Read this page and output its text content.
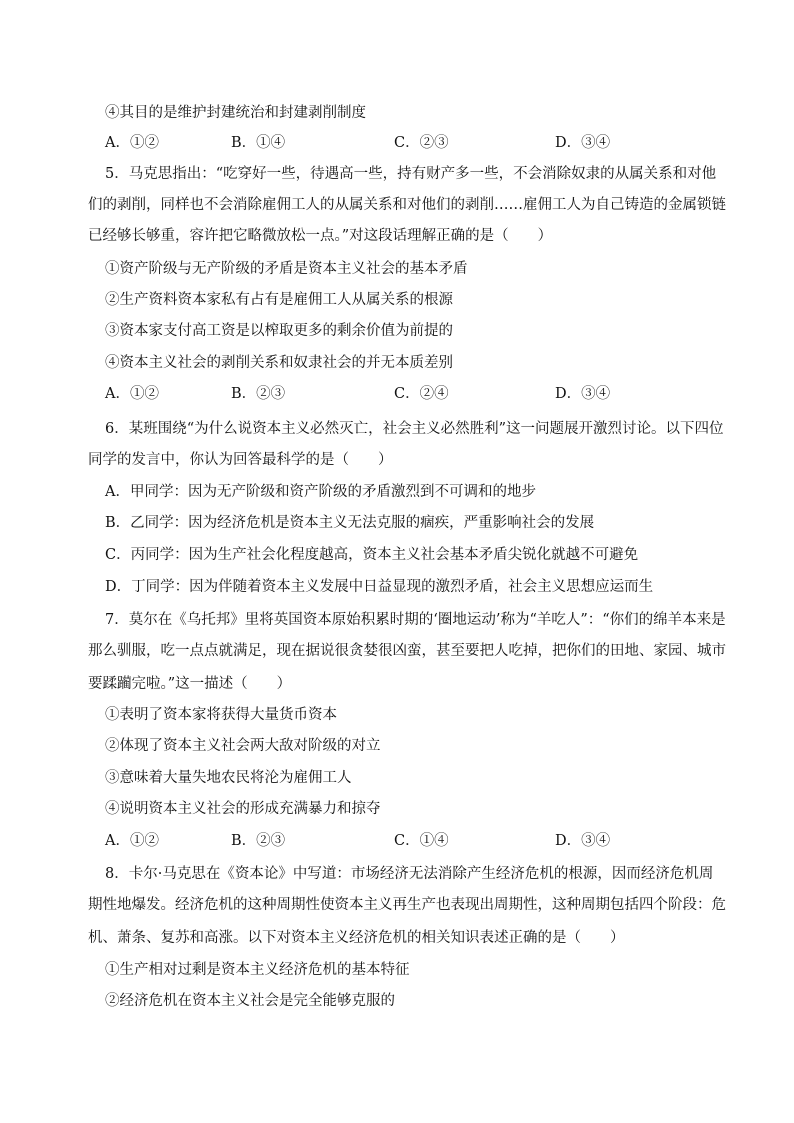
④其目的是维护封建统治和封建剥削制度
A．①②	B．①④	C．②③	D．③④
5．马克思指出：“吃穿好一些，待遇高一些，持有财产多一些，不会消除奴隶的从属关系和对他
们的剥削，同样也不会消除雇佣工人的从属关系和对他们的剥削……雇佣工人为自己铸造的金属锁链
已经够长够重，容许把它略微放松一点。”对这段话理解正确的是（　　）
①资产阶级与无产阶级的矛盾是资本主义社会的基本矛盾
②生产资料资本家私有占有是雇佣工人从属关系的根源
③资本家支付高工资是以榨取更多的剩余价值为前提的
④资本主义社会的剥削关系和奴隶社会的并无本质差别
A．①②	B．②③	C．②④	D．③④
6．某班围绕“为什么说资本主义必然灭亡，社会主义必然胜利”这一问题展开激烈讨论。以下四位
同学的发言中，你认为回答最科学的是（　　）
A．甲同学：因为无产阶级和资产阶级的矛盾激烈到不可调和的地步
B．乙同学：因为经济危机是资本主义无法克服的痼疾，严重影响社会的发展
C．丙同学：因为生产社会化程度越高，资本主义社会基本矛盾尖锐化就越不可避免
D．丁同学：因为伴随着资本主义发展中日益显现的激烈矛盾，社会主义思想应运而生
7．莫尔在《乌托邦》里将英国资本原始积累时期的‘圈地运动’称为“羊吃人”：“你们的绵羊本来是
那么驯服，吃一点点就满足，现在据说很贪婪很凶蛮，甚至要把人吃掉，把你们的田地、家园、城市
要蹂躏完啦。”这一描述（　　）
①表明了资本家将获得大量货币资本
②体现了资本主义社会两大敌对阶级的对立
③意味着大量失地农民将沦为雇佣工人
④说明资本主义社会的形成充满暴力和掠夺
A．①②	B．②③	C．①④	D．③④
8．卡尔·马克思在《资本论》中写道：市场经济无法消除产生经济危机的根源，因而经济危机周
期性地爆发。经济危机的这种周期性使资本主义再生产也表现出周期性，这种周期包括四个阶段：危
机、萧条、复苏和高涨。以下对资本主义经济危机的相关知识表述正确的是（　　）
①生产相对过剩是资本主义经济危机的基本特征
②经济危机在资本主义社会是完全能够克服的
